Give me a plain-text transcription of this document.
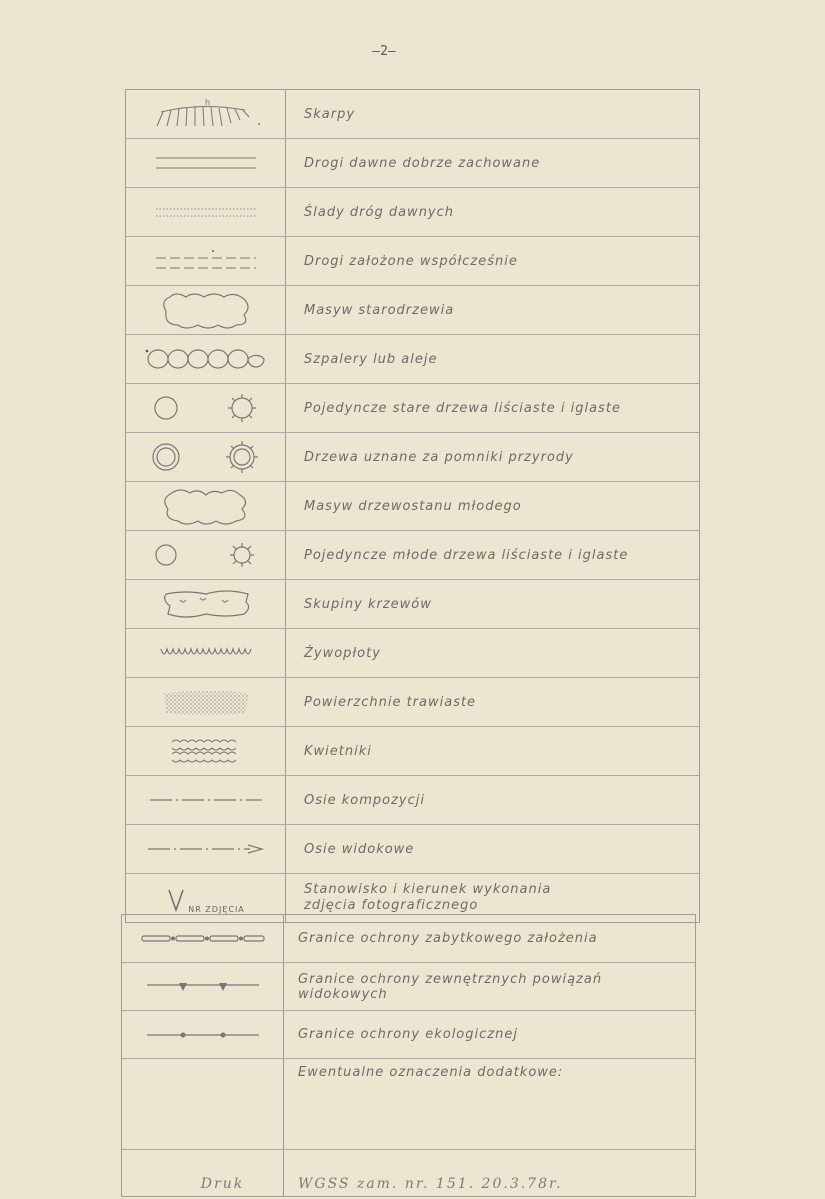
—2—
h
Skarpy
Drogi dawne dobrze zachowane
Ślady dróg dawnych
Drogi założone współcześnie
Masyw starodrzewia
Szpalery lub aleje
Pojedyncze stare drzewa liściaste i iglaste
Drzewa uznane za pomniki przyrody
Masyw drzewostanu młodego
Pojedyncze młode drzewa liściaste i iglaste
Skupiny krzewów
Żywopłoty
Powierzchnie trawiaste
Kwietniki
Osie kompozycji
Osie widokowe
NR ZDJĘCIA
Stanowisko i kierunek wykonania
zdjęcia fotograficznego
Granice ochrony zabytkowego założenia
Granice ochrony zewnętrznych powiązań widokowych
Granice ochrony ekologicznej
Ewentualne oznaczenia dodatkowe:
Druk	WGSS zam. nr. 151. 20.3.78r.
